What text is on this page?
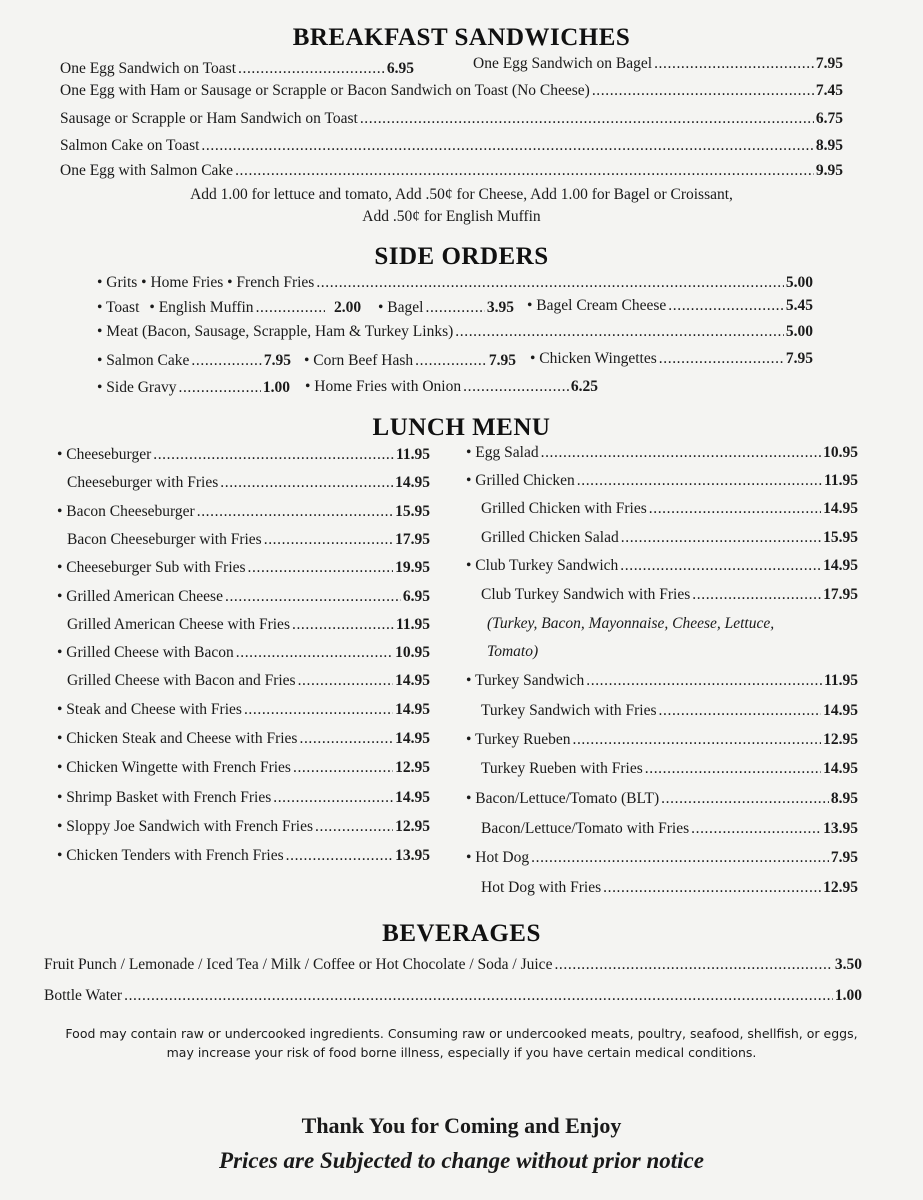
BREAKFAST SANDWICHES
One Egg Sandwich on Toast .....	6.95	One Egg Sandwich on Bagel .....	7.95
One Egg with Ham or Sausage or Scrapple or Bacon Sandwich on Toast (No Cheese) .....	7.45
Sausage or Scrapple or Ham Sandwich on Toast .....	6.75
Salmon Cake on Toast .....	8.95
One Egg with Salmon Cake .....	9.95
Add 1.00 for lettuce and tomato, Add .50¢ for Cheese, Add 1.00 for Bagel or Croissant,
Add .50¢ for English Muffin
SIDE ORDERS
• Grits • Home Fries • French Fries .....	5.00
• Toast • English Muffin .....	2.00 • Bagel .....	3.95 • Bagel Cream Cheese .....	5.45
• Meat (Bacon, Sausage, Scrapple, Ham & Turkey Links) .....	5.00
• Salmon Cake .....	7.95 • Corn Beef Hash .....	7.95 • Chicken Wingettes .....	7.95
• Side Gravy .....	1.00 • Home Fries with Onion .....	6.25
LUNCH MENU
• Cheeseburger .....	11.95
Cheeseburger with Fries .....	14.95
• Bacon Cheeseburger .....	15.95
Bacon Cheeseburger with Fries .....	17.95
• Cheeseburger Sub with Fries .....	19.95
• Grilled American Cheese .....	6.95
Grilled American Cheese with Fries .....	11.95
• Grilled Cheese with Bacon .....	10.95
Grilled Cheese with Bacon and Fries .....	14.95
• Steak and Cheese with Fries .....	14.95
• Chicken Steak and Cheese with Fries .....	14.95
• Chicken Wingette with French Fries .....	12.95
• Shrimp Basket with French Fries .....	14.95
• Sloppy Joe Sandwich with French Fries .....	12.95
• Chicken Tenders with French Fries .....	13.95
• Egg Salad .....	10.95
• Grilled Chicken .....	11.95
Grilled Chicken with Fries .....	14.95
Grilled Chicken Salad .....	15.95
• Club Turkey Sandwich .....	14.95
Club Turkey Sandwich with Fries .....	17.95
• Turkey Sandwich .....	11.95
Turkey Sandwich with Fries .....	14.95
• Turkey Rueben .....	12.95
Turkey Rueben with Fries .....	14.95
• Bacon/Lettuce/Tomato (BLT) .....	8.95
Bacon/Lettuce/Tomato with Fries .....	13.95
• Hot Dog .....	7.95
Hot Dog with Fries .....	12.95
(Turkey, Bacon, Mayonnaise, Cheese, Lettuce,
Tomato)
BEVERAGES
Fruit Punch / Lemonade / Iced Tea / Milk / Coffee or Hot Chocolate / Soda / Juice .....	3.50
Bottle Water .....	1.00
Food may contain raw or undercooked ingredients. Consuming raw or undercooked meats, poultry, seafood, shellfish, or eggs,
may increase your risk of food borne illness, especially if you have certain medical conditions.
Thank You for Coming and Enjoy
Prices are Subjected to change without prior notice
